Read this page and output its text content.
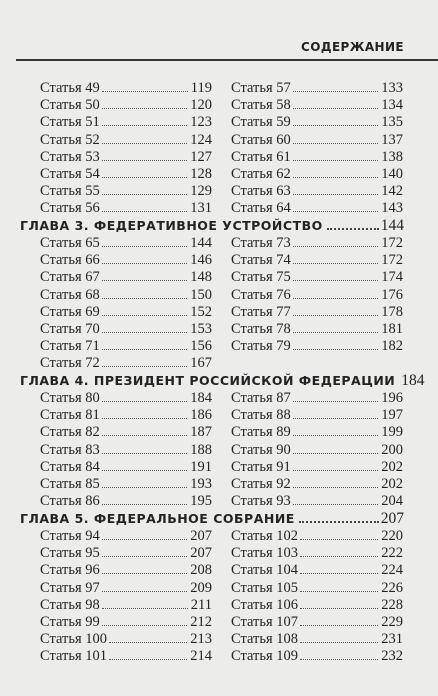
СОДЕРЖАНИЕ
Статья 49	119
Статья 50	120
Статья 51	123
Статья 52	124
Статья 53	127
Статья 54	128
Статья 55	129
Статья 56	131
Статья 57	133
Статья 58	134
Статья 59	135
Статья 60	137
Статья 61	138
Статья 62	140
Статья 63	142
Статья 64	143
ГЛАВА 3. ФЕДЕРАТИВНОЕ УСТРОЙСТВО	144
Статья 65	144
Статья 66	146
Статья 67	148
Статья 68	150
Статья 69	152
Статья 70	153
Статья 71	156
Статья 72	167
Статья 73	172
Статья 74	172
Статья 75	174
Статья 76	176
Статья 77	178
Статья 78	181
Статья 79	182
ГЛАВА 4. ПРЕЗИДЕНТ РОССИЙСКОЙ ФЕДЕРАЦИИ 184
Статья 80	184
Статья 81	186
Статья 82	187
Статья 83	188
Статья 84	191
Статья 85	193
Статья 86	195
Статья 87	196
Статья 88	197
Статья 89	199
Статья 90	200
Статья 91	202
Статья 92	202
Статья 93	204
ГЛАВА 5. ФЕДЕРАЛЬНОЕ СОБРАНИЕ	207
Статья 94	207
Статья 95	207
Статья 96	208
Статья 97	209
Статья 98	211
Статья 99	212
Статья 100	213
Статья 101	214
Статья 102	220
Статья 103	222
Статья 104	224
Статья 105	226
Статья 106	228
Статья 107	229
Статья 108	231
Статья 109	232
